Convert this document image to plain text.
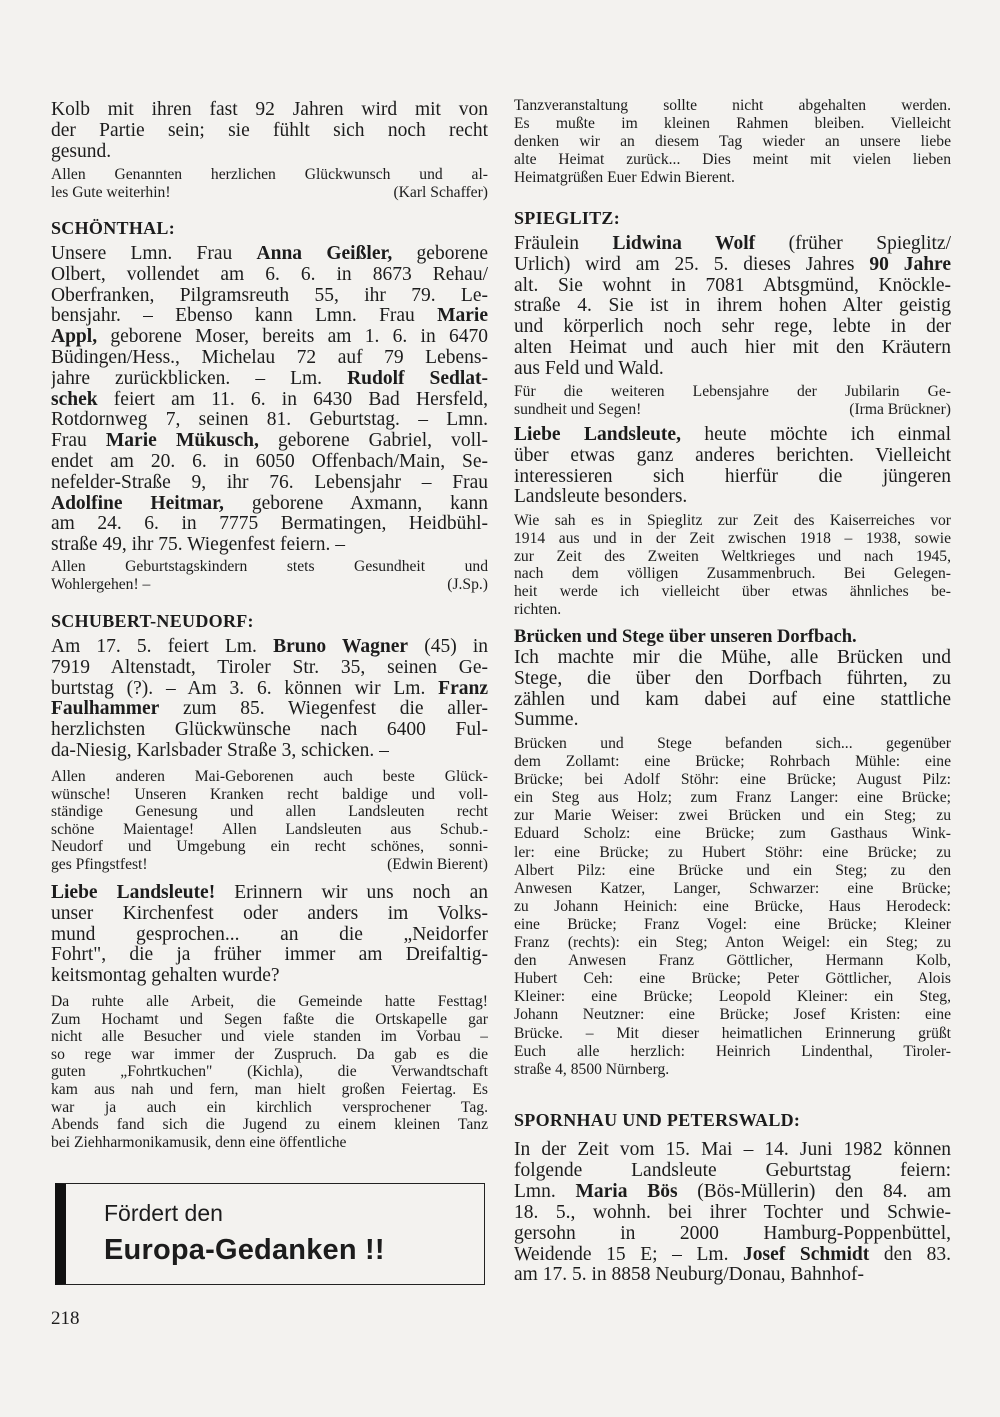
Kolb mit ihren fast 92 Jahren wird mit von
der Partie sein; sie fühlt sich noch recht
gesund.
Allen Genannten herzlichen Glückwunsch und al-
les Gute weiterhin!	(Karl Schaffer)
SCHÖNTHAL:
Unsere Lmn. Frau Anna Geißler, geborene
Olbert, vollendet am 6. 6. in 8673 Rehau/
Oberfranken, Pilgramsreuth 55, ihr 79. Le-
bensjahr. – Ebenso kann Lmn. Frau Marie
Appl, geborene Moser, bereits am 1. 6. in 6470
Büdingen/Hess., Michelau 72 auf 79 Lebens-
jahre zurückblicken. – Lm. Rudolf Sedlat-
schek feiert am 11. 6. in 6430 Bad Hersfeld,
Rotdornweg 7, seinen 81. Geburtstag. – Lmn.
Frau Marie Mükusch, geborene Gabriel, voll-
endet am 20. 6. in 6050 Offenbach/Main, Se-
nefelder-Straße 9, ihr 76. Lebensjahr – Frau
Adolfine Heitmar, geborene Axmann, kann
am 24. 6. in 7775 Bermatingen, Heidbühl-
straße 49, ihr 75. Wiegenfest feiern. –
Allen Geburtstagskindern stets Gesundheit und
Wohlergehen! –	(J.Sp.)
SCHUBERT-NEUDORF:
Am 17. 5. feiert Lm. Bruno Wagner (45) in
7919 Altenstadt, Tiroler Str. 35, seinen Ge-
burtstag (?). – Am 3. 6. können wir Lm. Franz
Faulhammer zum 85. Wiegenfest die aller-
herzlichsten Glückwünsche nach 6400 Ful-
da-Niesig, Karlsbader Straße 3, schicken. –
Allen anderen Mai-Geborenen auch beste Glück-
wünsche! Unseren Kranken recht baldige und voll-
ständige Genesung und allen Landsleuten recht
schöne Maientage! Allen Landsleuten aus Schub.-
Neudorf und Umgebung ein recht schönes, sonni-
ges Pfingstfest!	(Edwin Bierent)
Liebe Landsleute! Erinnern wir uns noch an
unser Kirchenfest oder anders im Volks-
mund gesprochen... an die „Neidorfer
Fohrt", die ja früher immer am Dreifaltig-
keitsmontag gehalten wurde?
Da ruhte alle Arbeit, die Gemeinde hatte Festtag!
Zum Hochamt und Segen faßte die Ortskapelle gar
nicht alle Besucher und viele standen im Vorbau –
so rege war immer der Zuspruch. Da gab es die
guten „Fohrtkuchen" (Kichla), die Verwandtschaft
kam aus nah und fern, man hielt großen Feiertag. Es
war ja auch ein kirchlich versprochener Tag.
Abends fand sich die Jugend zu einem kleinen Tanz
bei Ziehharmonikamusik, denn eine öffentliche
Fördert den
Europa-Gedanken !!
218
Tanzveranstaltung sollte nicht abgehalten werden.
Es mußte im kleinen Rahmen bleiben. Vielleicht
denken wir an diesem Tag wieder an unsere liebe
alte Heimat zurück... Dies meint mit vielen lieben
Heimatgrüßen Euer Edwin Bierent.
SPIEGLITZ:
Fräulein Lidwina Wolf (früher Spieglitz/
Urlich) wird am 25. 5. dieses Jahres 90 Jahre
alt. Sie wohnt in 7081 Abtsgmünd, Knöckle-
straße 4. Sie ist in ihrem hohen Alter geistig
und körperlich noch sehr rege, lebte in der
alten Heimat und auch hier mit den Kräutern
aus Feld und Wald.
Für die weiteren Lebensjahre der Jubilarin Ge-
sundheit und Segen!	(Irma Brückner)
Liebe Landsleute, heute möchte ich einmal
über etwas ganz anderes berichten. Vielleicht
interessieren sich hierfür die jüngeren
Landsleute besonders.
Wie sah es in Spieglitz zur Zeit des Kaiserreiches vor
1914 aus und in der Zeit zwischen 1918 – 1938, sowie
zur Zeit des Zweiten Weltkrieges und nach 1945,
nach dem völligen Zusammenbruch. Bei Gelegen-
heit werde ich vielleicht über etwas ähnliches be-
richten.
Brücken und Stege über unseren Dorfbach.
Ich machte mir die Mühe, alle Brücken und
Stege, die über den Dorfbach führten, zu
zählen und kam dabei auf eine stattliche
Summe.
Brücken und Stege befanden sich... gegenüber
dem Zollamt: eine Brücke; Rohrbach Mühle: eine
Brücke; bei Adolf Stöhr: eine Brücke; August Pilz:
ein Steg aus Holz; zum Franz Langer: eine Brücke;
zur Marie Weiser: zwei Brücken und ein Steg; zu
Eduard Scholz: eine Brücke; zum Gasthaus Wink-
ler: eine Brücke; zu Hubert Stöhr: eine Brücke; zu
Albert Pilz: eine Brücke und ein Steg; zu den
Anwesen Katzer, Langer, Schwarzer: eine Brücke;
zu Johann Heinich: eine Brücke, Haus Herodeck:
eine Brücke; Franz Vogel: eine Brücke; Kleiner
Franz (rechts): ein Steg; Anton Weigel: ein Steg; zu
den Anwesen Franz Göttlicher, Hermann Kolb,
Hubert Ceh: eine Brücke; Peter Göttlicher, Alois
Kleiner: eine Brücke; Leopold Kleiner: ein Steg,
Johann Neutzner: eine Brücke; Josef Kristen: eine
Brücke. – Mit dieser heimatlichen Erinnerung grüßt
Euch alle herzlich: Heinrich Lindenthal, Tiroler-
straße 4, 8500 Nürnberg.
SPORNHAU UND PETERSWALD:
In der Zeit vom 15. Mai – 14. Juni 1982 können
folgende Landsleute Geburtstag feiern:
Lmn. Maria Bös (Bös-Müllerin) den 84. am
18. 5., wohnh. bei ihrer Tochter und Schwie-
gersohn in 2000 Hamburg-Poppenbüttel,
Weidende 15 E; – Lm. Josef Schmidt den 83.
am 17. 5. in 8858 Neuburg/Donau, Bahnhof-
